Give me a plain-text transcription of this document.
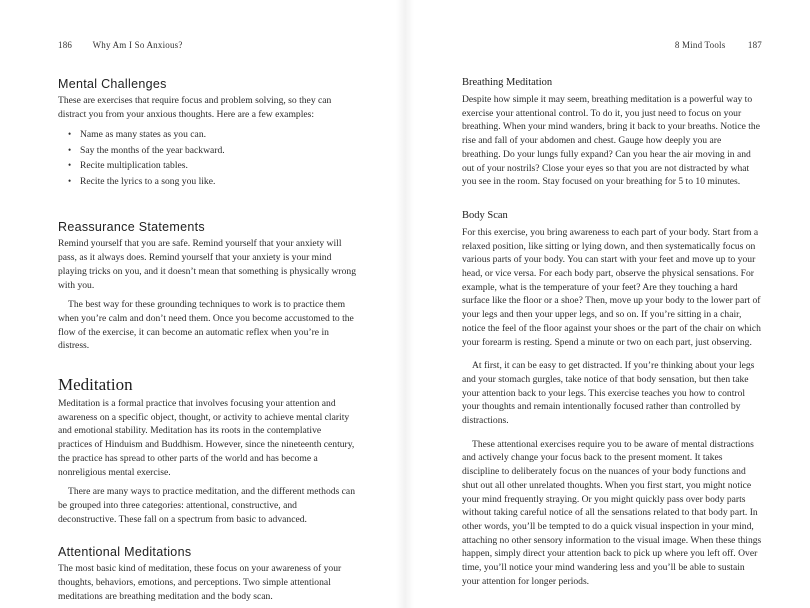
186 Why Am I So Anxious?
Mental Challenges

These are exercises that require focus and problem solving, so they can distract you from your anxious thoughts. Here are a few examples:

• Name as many states as you can.
• Say the months of the year backward.
• Recite multiplication tables.
• Recite the lyrics to a song you like.
Reassurance Statements

Remind yourself that you are safe. Remind yourself that your anxiety will pass, as it always does. Remind yourself that your anxiety is your mind playing tricks on you, and it doesn’t mean that something is physically wrong with you.

The best way for these grounding techniques to work is to practice them when you’re calm and don’t need them. Once you become accustomed to the flow of the exercise, it can become an automatic reflex when you’re in distress.

Meditation

Meditation is a formal practice that involves focusing your attention and awareness on a specific object, thought, or activity to achieve mental clarity and emotional stability. Meditation has its roots in the contemplative practices of Hinduism and Buddhism. However, since the nineteenth century, the practice has spread to other parts of the world and has become a nonreligious mental exercise.

There are many ways to practice meditation, and the different methods can be grouped into three categories: attentional, constructive, and deconstructive. These fall on a spectrum from basic to advanced.

Attentional Meditations

The most basic kind of meditation, these focus on your awareness of your thoughts, behaviors, emotions, and perceptions. Two simple attentional meditations are breathing meditation and the body scan.

8 Mind Tools 187
Breathing Meditation

Despite how simple it may seem, breathing meditation is a powerful way to exercise your attentional control. To do it, you just need to focus on your breathing. When your mind wanders, bring it back to your breaths. Notice the rise and fall of your abdomen and chest. Gauge how deeply you are breathing. Do your lungs fully expand? Can you hear the air moving in and out of your nostrils? Close your eyes so that you are not distracted by what you see in the room. Stay focused on your breathing for 5 to 10 minutes.

Body Scan

For this exercise, you bring awareness to each part of your body. Start from a relaxed position, like sitting or lying down, and then systematically focus on various parts of your body. You can start with your feet and move up to your head, or vice versa. For each body part, observe the physical sensations. For example, what is the temperature of your feet? Are they touching a hard surface like the floor or a shoe? Then, move up your body to the lower part of your legs and then your upper legs, and so on. If you’re sitting in a chair, notice the feel of the floor against your shoes or the part of the chair on which your forearm is resting. Spend a minute or two on each part, just observing.

At first, it can be easy to get distracted. If you’re thinking about your legs and your stomach gurgles, take notice of that body sensation, but then take your attention back to your legs. This exercise teaches you how to control your thoughts and remain intentionally focused rather than controlled by distractions.

These attentional exercises require you to be aware of mental distractions and actively change your focus back to the present moment. It takes discipline to deliberately focus on the nuances of your body functions and shut out all other unrelated thoughts. When you first start, you might notice your mind frequently straying. Or you might quickly pass over body parts without taking careful notice of all the sensations related to that body part. In other words, you’ll be tempted to do a quick visual inspection in your mind, attaching no other sensory information to the visual image. When these things happen, simply direct your attention back to pick up where you left off. Over time, you’ll notice your mind wandering less and you’ll be able to sustain your attention for longer periods.
